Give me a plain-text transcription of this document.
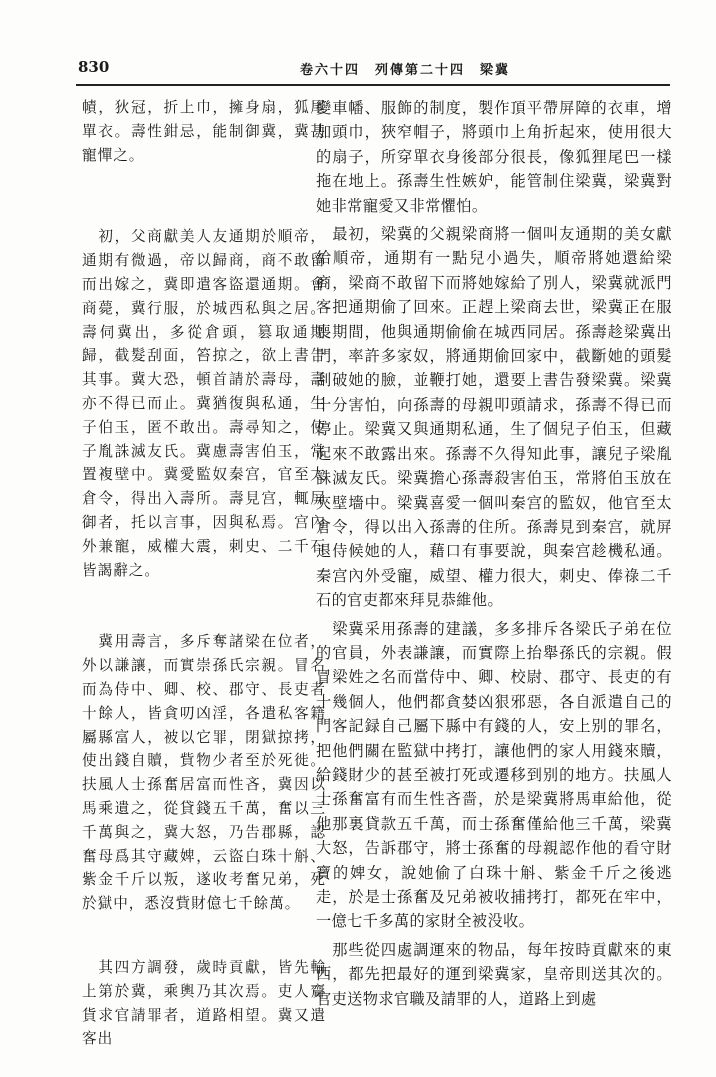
830	卷六十四　列傳第二十四　梁冀

幘，狄冠，折上巾，擁身扇，狐尾單衣。壽性鉗忌，能制御冀，冀甚寵憚之。

　初，父商獻美人友通期於順帝，通期有微過，帝以歸商，商不敢留而出嫁之，冀即遣客盜還通期。會商薨，冀行服，於城西私與之居。壽伺冀出，多從倉頭，篡取通期歸，截髮刮面，笞掠之，欲上書告其事。冀大恐，頓首請於壽母，壽亦不得已而止。冀猶復與私通，生子伯玉，匿不敢出。壽尋知之，使子胤誅滅友氏。冀慮壽害伯玉，常置複壁中。冀愛監奴秦宫，官至太倉令，得出入壽所。壽見宫，輒屏御者，托以言事，因與私焉。宫內外兼寵，威權大震，刺史、二千石皆謁辭之。

　冀用壽言，多斥奪諸梁在位者，外以謙讓，而實崇孫氏宗親。冒名而為侍中、卿、校、郡守、長吏者十餘人，皆貪叨凶淫，各遣私客籍屬縣富人，被以它罪，閉獄掠拷，使出錢自贖，貲物少者至於死徙。扶風人士孫奮居富而性吝，冀因以馬乘遺之，從貸錢五千萬，奮以三千萬與之，冀大怒，乃告郡縣，認奮母爲其守藏婢，云盜白珠十斛、紫金千斤以叛，遂收考奮兄弟，死於獄中，悉沒貲財億七千餘萬。

　其四方調發，歲時貢獻，皆先輸上第於冀，乘輿乃其次焉。吏人齎貨求官請罪者，道路相望。冀又遣客出

變車幡、服飾的制度，製作頂平帶屏障的衣車，增加頭巾，狹窄帽子，將頭巾上角折起來，使用很大的扇子，所穿單衣身後部分很長，像狐狸尾巴一樣拖在地上。孫壽生性嫉妒，能管制住梁冀，梁冀對她非常寵愛又非常懼怕。

　最初，梁冀的父親梁商將一個叫友通期的美女獻給順帝，通期有一點兒小過失，順帝將她還給梁商，梁商不敢留下而將她嫁給了別人，梁冀就派門客把通期偷了回來。正趕上梁商去世，梁冀正在服喪期間，他與通期偷偷在城西同居。孫壽趁梁冀出門，率許多家奴，將通期偷回家中，截斷她的頭髮刮破她的臉，並鞭打她，還要上書告發梁冀。梁冀十分害怕，向孫壽的母親叩頭請求，孫壽不得已而停止。梁冀又與通期私通，生了個兒子伯玉，但藏起來不敢露出來。孫壽不久得知此事，讓兒子梁胤誅滅友氏。梁冀擔心孫壽殺害伯玉，常將伯玉放在夾壁墻中。梁冀喜愛一個叫秦宫的監奴，他官至太倉令，得以出入孫壽的住所。孫壽見到秦宫，就屏退侍候她的人，藉口有事要說，與秦宫趁機私通。秦宫內外受寵，威望、權力很大，刺史、俸祿二千石的官吏都來拜見恭維他。

　梁冀采用孫壽的建議，多多排斥各梁氏子弟在位的官員，外表謙讓，而實際上抬舉孫氏的宗親。假冒梁姓之名而當侍中、卿、校尉、郡守、長吏的有十幾個人，他們都貪婪凶狠邪惡，各自派遣自己的門客記録自己屬下縣中有錢的人，安上别的罪名，把他們關在監獄中拷打，讓他們的家人用錢來贖，給錢財少的甚至被打死或遷移到别的地方。扶風人士孫奮富有而生性吝嗇，於是梁冀將馬車給他，從他那裏貸款五千萬，而士孫奮僅給他三千萬，梁冀大怒，告訴郡守，將士孫奮的母親認作他的看守財寶的婢女，說她偷了白珠十斛、紫金千斤之後逃走，於是士孫奮及兄弟被收捕拷打，都死在牢中，一億七千多萬的家財全被没收。

　那些從四處調運來的物品，每年按時貢獻來的東西，都先把最好的運到梁冀家，皇帝則送其次的。官吏送物求官職及請罪的人，道路上到處
